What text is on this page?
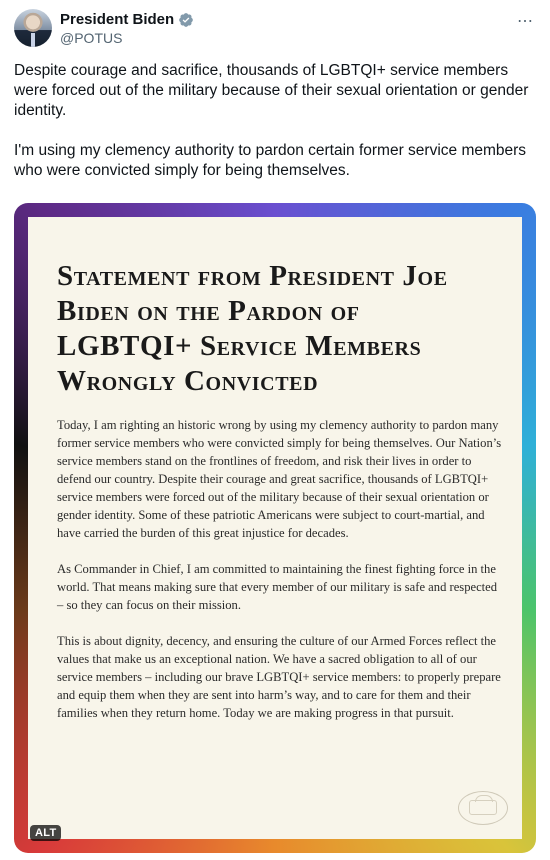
President Biden
@POTUS
⋯

Despite courage and sacrifice, thousands of LGBTQI+ service members were forced out of the military because of their sexual orientation or gender identity.

I'm using my clemency authority to pardon certain former service members who were convicted simply for being themselves.

Statement from President Joe Biden on the Pardon of LGBTQI+ Service Members Wrongly Convicted

Today, I am righting an historic wrong by using my clemency authority to pardon many former service members who were convicted simply for being themselves. Our Nation’s service members stand on the frontlines of freedom, and risk their lives in order to defend our country. Despite their courage and great sacrifice, thousands of LGBTQI+ service members were forced out of the military because of their sexual orientation or gender identity. Some of these patriotic Americans were subject to court-martial, and have carried the burden of this great injustice for decades.

As Commander in Chief, I am committed to maintaining the finest fighting force in the world. That means making sure that every member of our military is safe and respected – so they can focus on their mission.

This is about dignity, decency, and ensuring the culture of our Armed Forces reflect the values that make us an exceptional nation. We have a sacred obligation to all of our service members – including our brave LGBTQI+ service members: to properly prepare and equip them when they are sent into harm’s way, and to care for them and their families when they return home. Today we are making progress in that pursuit.

ALT
